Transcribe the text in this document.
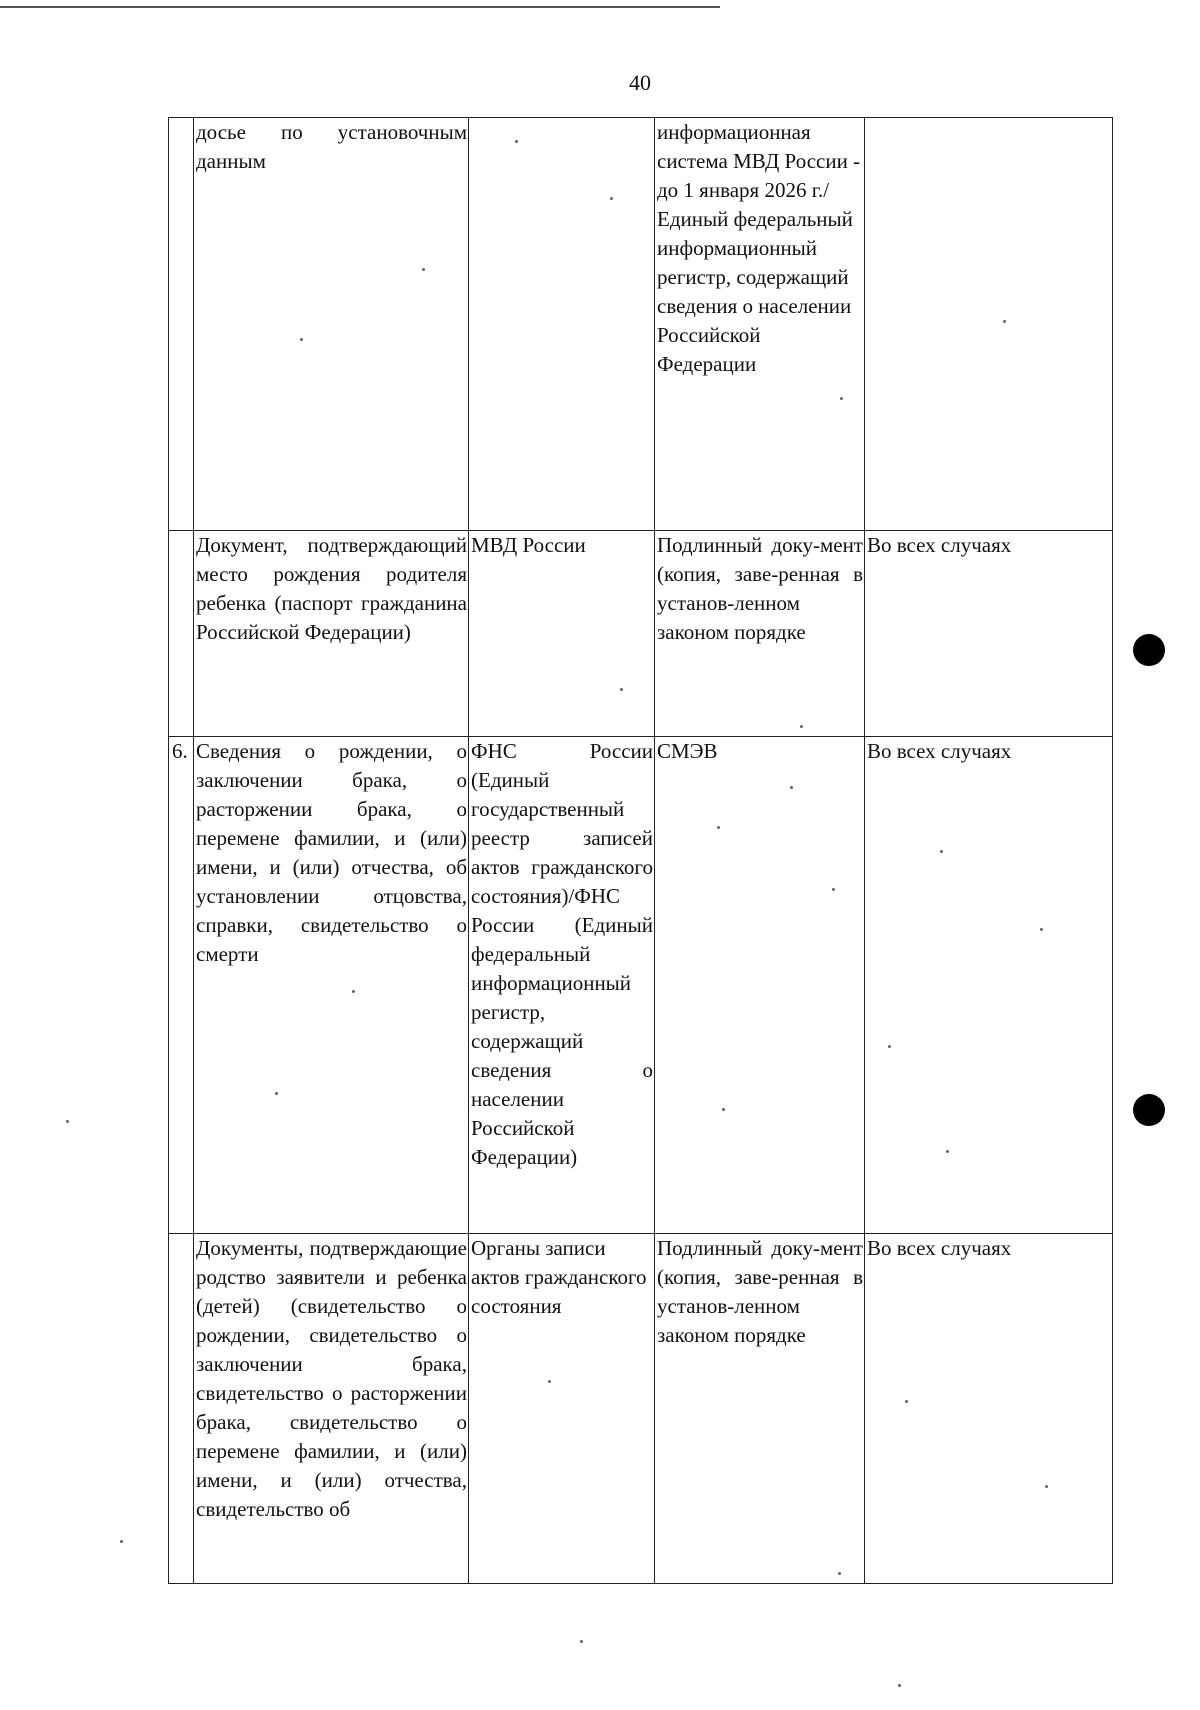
40
	досье по установочным данным		информационная система МВД России - до 1 января 2026 г./Единый федеральный информационный регистр, содержащий сведения о населении Российской Федерации	
	Документ, подтверждающий место рождения родителя ребенка (паспорт гражданина Российской Федерации)	МВД России	Подлинный доку-мент (копия, заве-ренная в установ-ленном законом порядке	Во всех случаях
6.	Сведения о рождении, о заключении брака, о расторжении брака, о перемене фамилии, и (или) имени, и (или) отчества, об установлении отцовства, справки, свидетельство о смерти	ФНС России (Единый государственный реестр записей актов гражданского состояния)/ФНС России (Единый федеральный информационный регистр, содержащий сведения о населении Российской Федерации)	СМЭВ	Во всех случаях
	Документы, подтверждающие родство заявители и ребенка (детей) (свидетельство о рождении, свидетельство о заключении брака, свидетельство о расторжении брака, свидетельство о перемене фамилии, и (или) имени, и (или) отчества, свидетельство об	Органы записи актов гражданского состояния	Подлинный доку-мент (копия, заве-ренная в установ-ленном законом порядке	Во всех случаях
